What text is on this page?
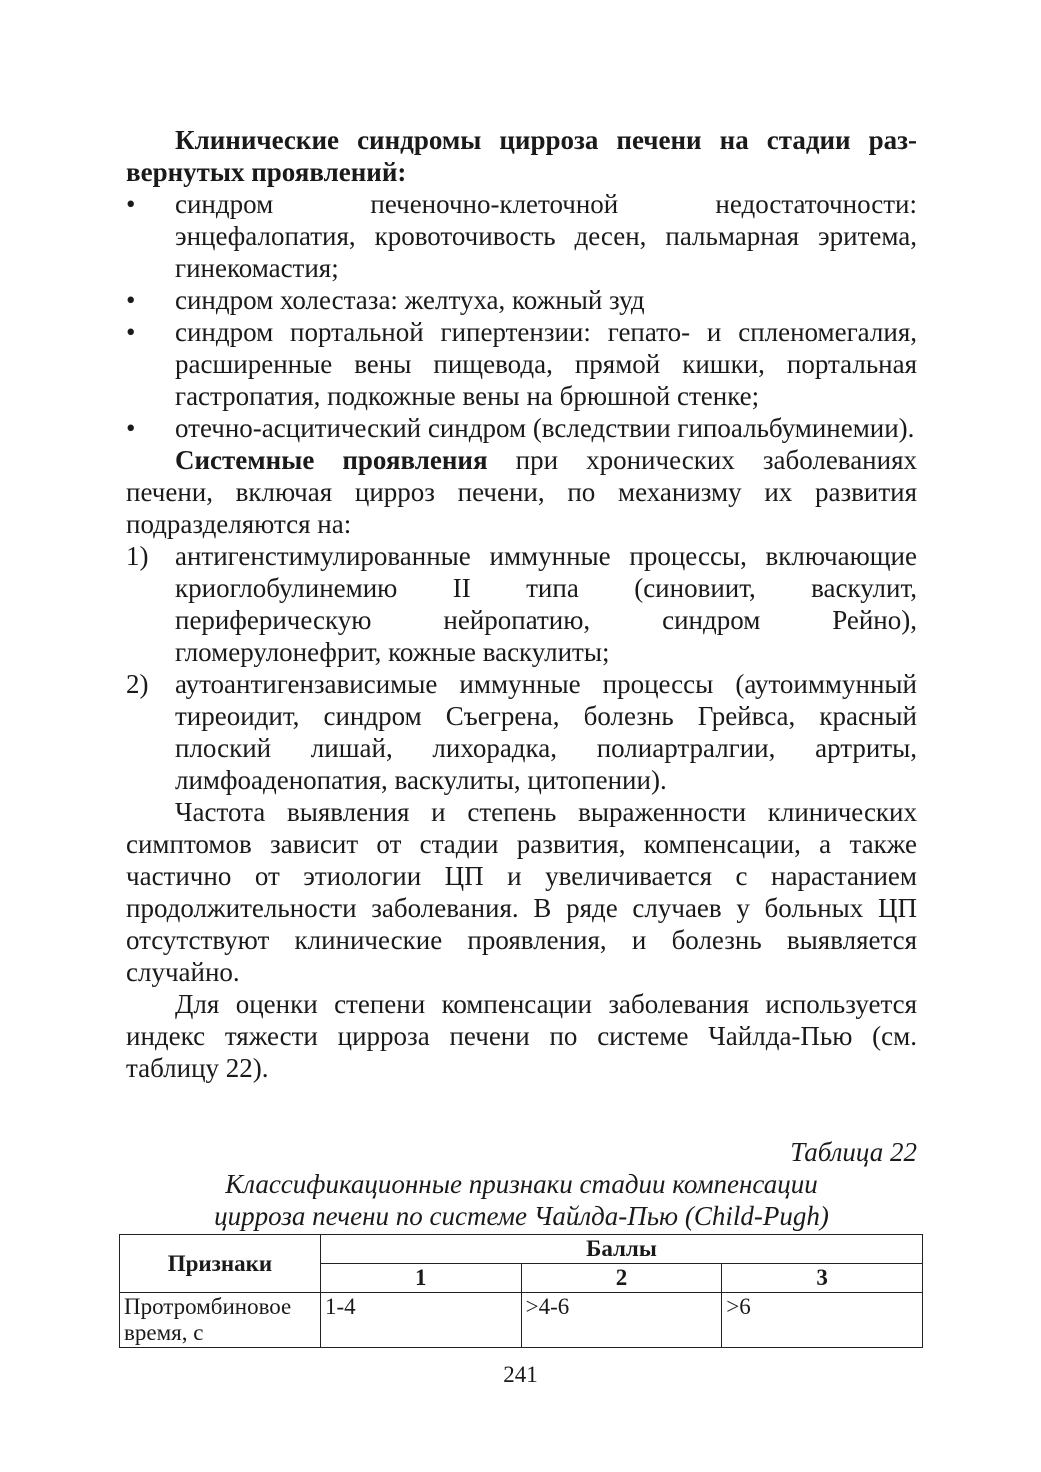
Клинические синдромы цирроза печени на стадии раз-вернутых проявлений:

•	синдром печеночно-клеточной недостаточности: энцефалопатия, кровоточивость десен, пальмарная эритема, гинекомастия;
•	синдром холестаза: желтуха, кожный зуд
•	синдром портальной гипертензии: гепато- и спленомегалия, расширенные вены пищевода, прямой кишки, портальная гастропатия, подкожные вены на брюшной стенке;
•	отечно-асцитический синдром (вследствии гипоальбуминемии).

Системные проявления при хронических заболеваниях печени, включая цирроз печени, по механизму их развития подразделяются на:

1) антигенстимулированные иммунные процессы, включающие криоглобулинемию II типа (синовиит, васкулит, периферическую нейропатию, синдром Рейно), гломерулонефрит, кожные васкулиты;
2) аутоантигензависимые иммунные процессы (аутоиммунный тиреоидит, синдром Съегрена, болезнь Грейвса, красный плоский лишай, лихорадка, полиартралгии, артриты, лимфоаденопатия, васкулиты, цитопении).

Частота выявления и степень выраженности клинических симптомов зависит от стадии развития, компенсации, а также частично от этиологии ЦП и увеличивается с нарастанием продолжительности заболевания. В ряде случаев у больных ЦП отсутствуют клинические проявления, и болезнь выявляется случайно.

Для оценки степени компенсации заболевания используется индекс тяжести цирроза печени по системе Чайлда-Пью (см. таблицу 22).

Таблица 22

Классификационные признаки стадии компенсации

цирроза печени по системе Чайлда-Пью (Child-Pugh)

Признаки	Баллы		
	1	2	3
Протромбиновое время, с	1-4	>4-6	>6
241
